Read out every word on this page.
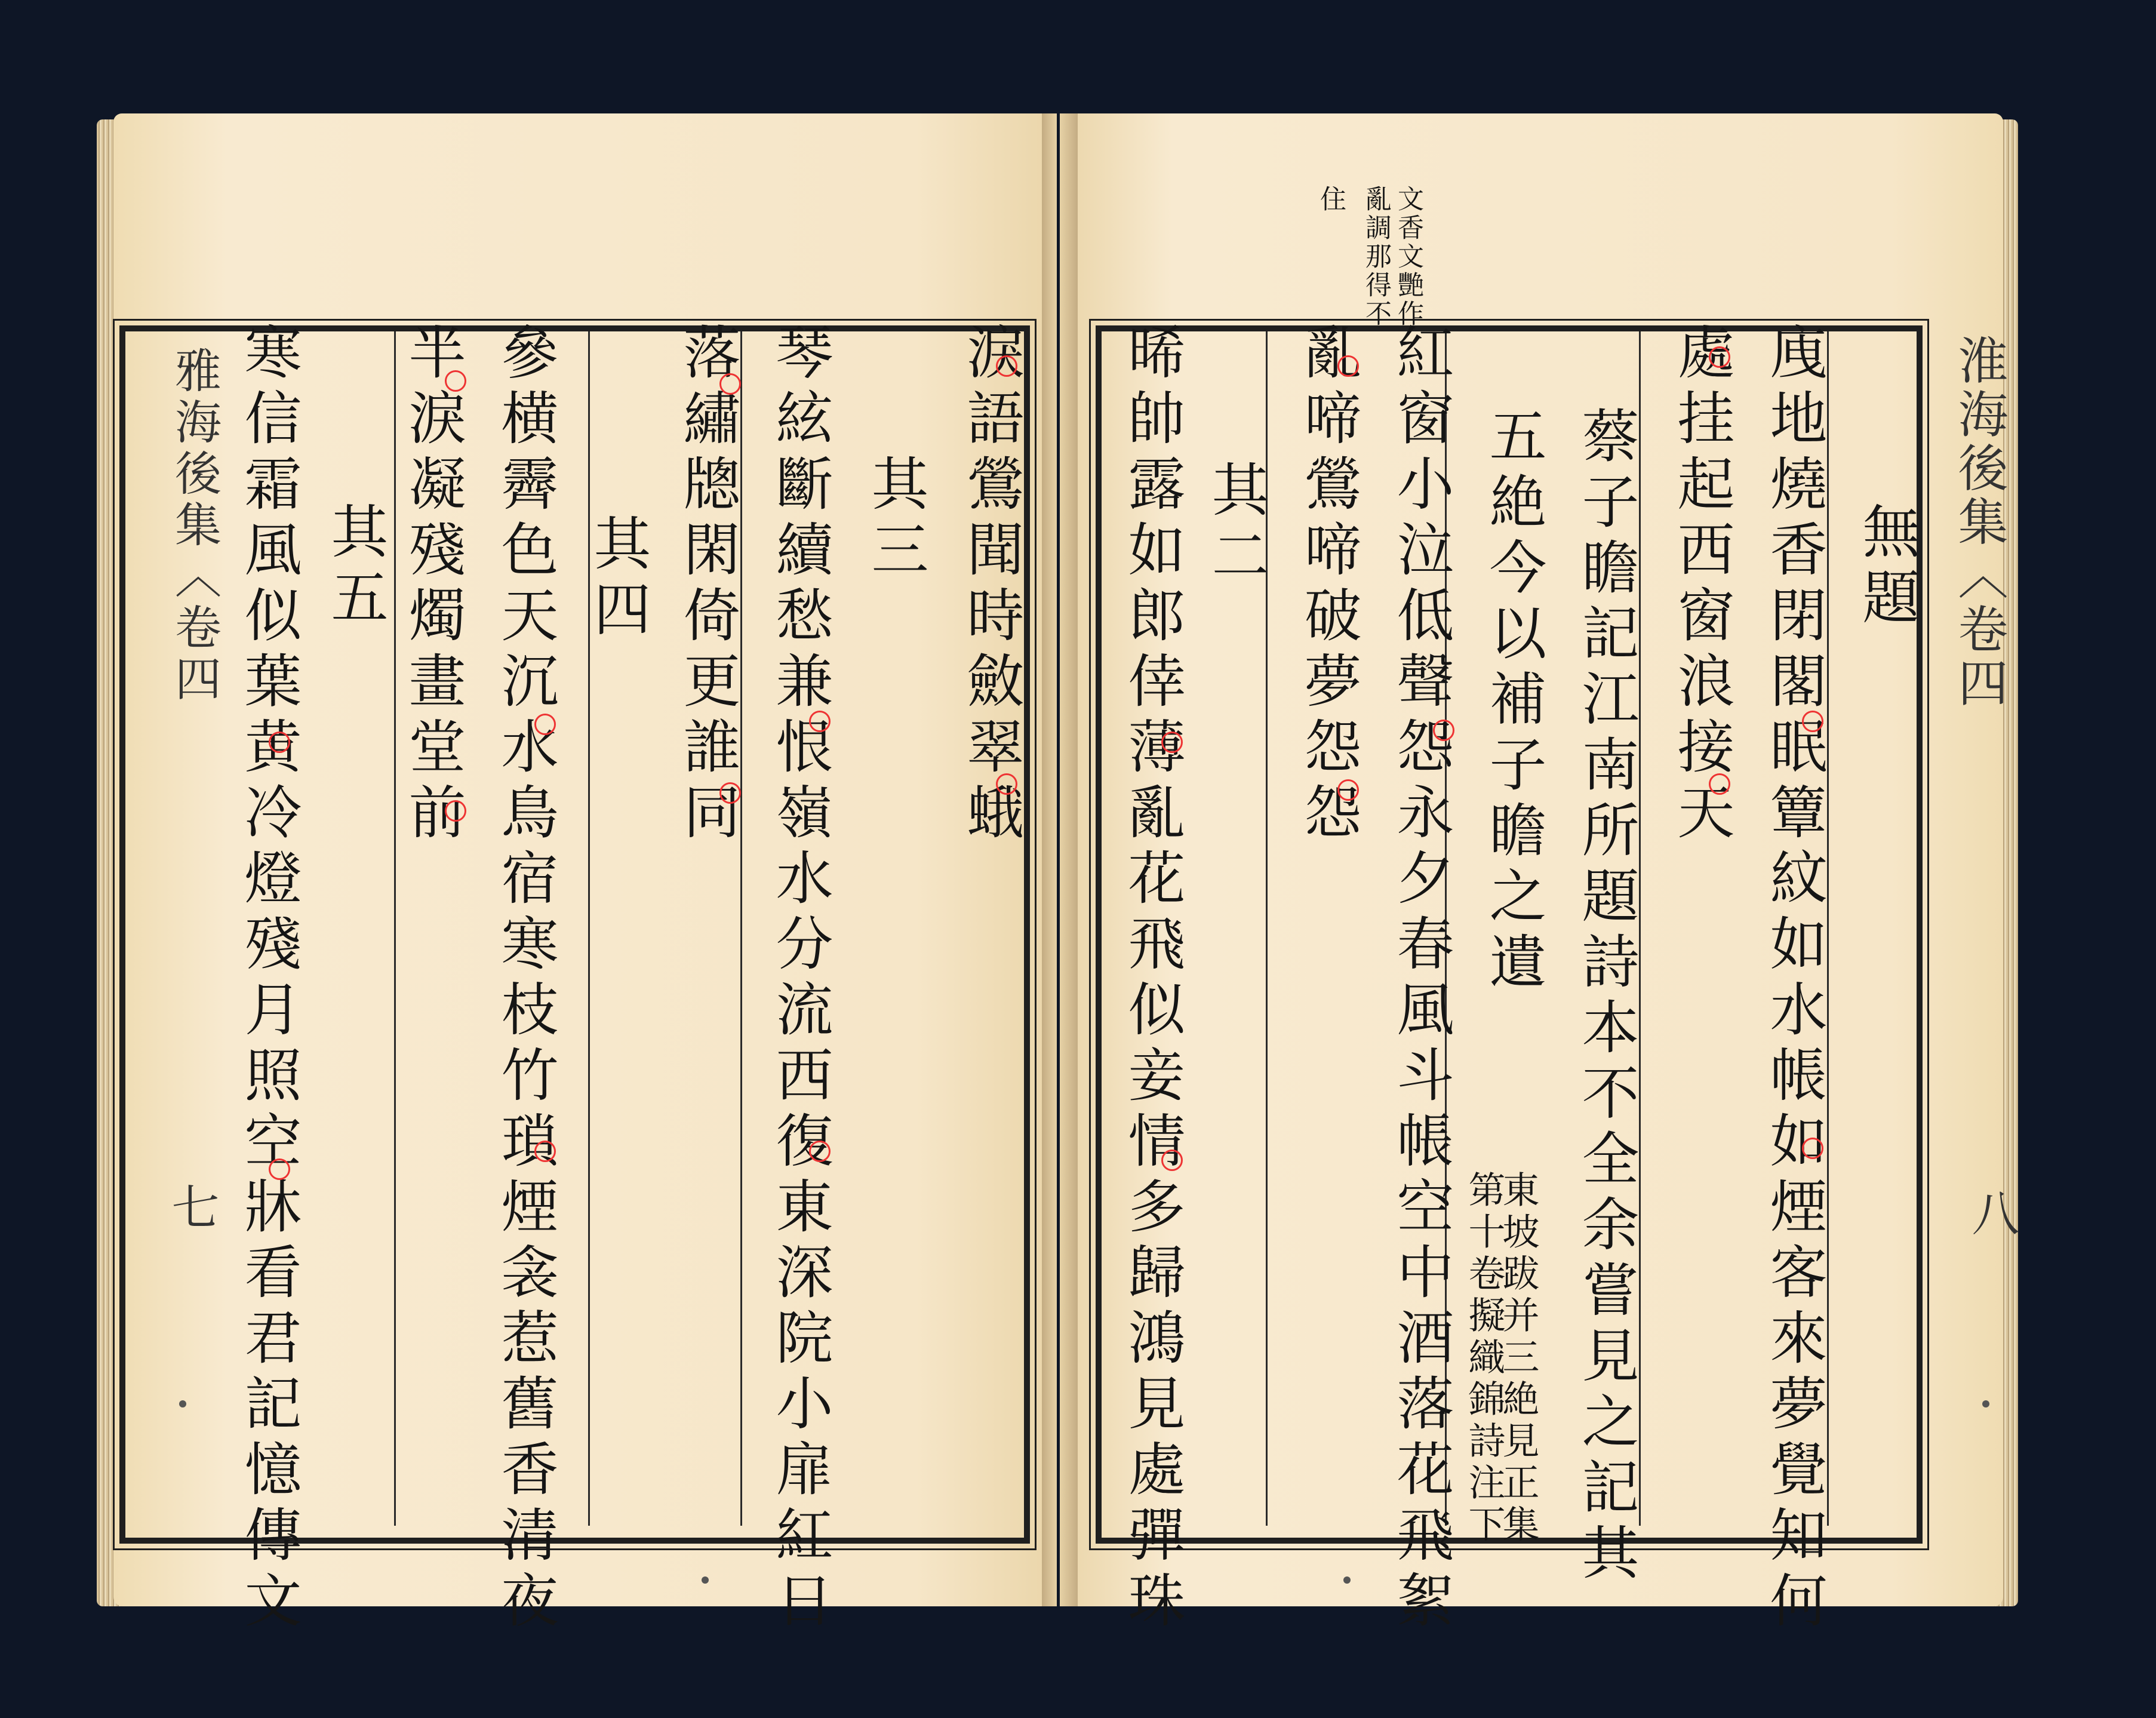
雅海後集〈卷四
七
淮海後集〈卷四
八
文香文艷作
亂調那得不
住
無題
㡼地燒香閉閣眠簟紋如水帳如煙客來夢覺知何
處挂起西窗浪接天
蔡子瞻記江南所題詩本不全余嘗見之記其
五絶今以補子瞻之遺
東坡跋并三絶見正集
第十卷擬織錦詩注下
紅窗小泣低聲怨永夕春風斗帳空中酒落花飛絮
亂啼鶯啼破夢怨怨
其二
晞帥露如郎倖薄亂花飛似妾情多歸鴻見處彈珠
淚語鶯聞時斂翠蛾
其三
琴絃斷續愁兼恨嶺水分流西復東深院小扉紅日
落繡牕閑倚更誰同
其四
參横霽色天沉水鳥宿寒枝竹瑣煙衾惹舊香清夜
半淚凝殘燭畫堂前
其五
寒信霜風似葉黄冷燈殘月照空牀看君記憶傳文
